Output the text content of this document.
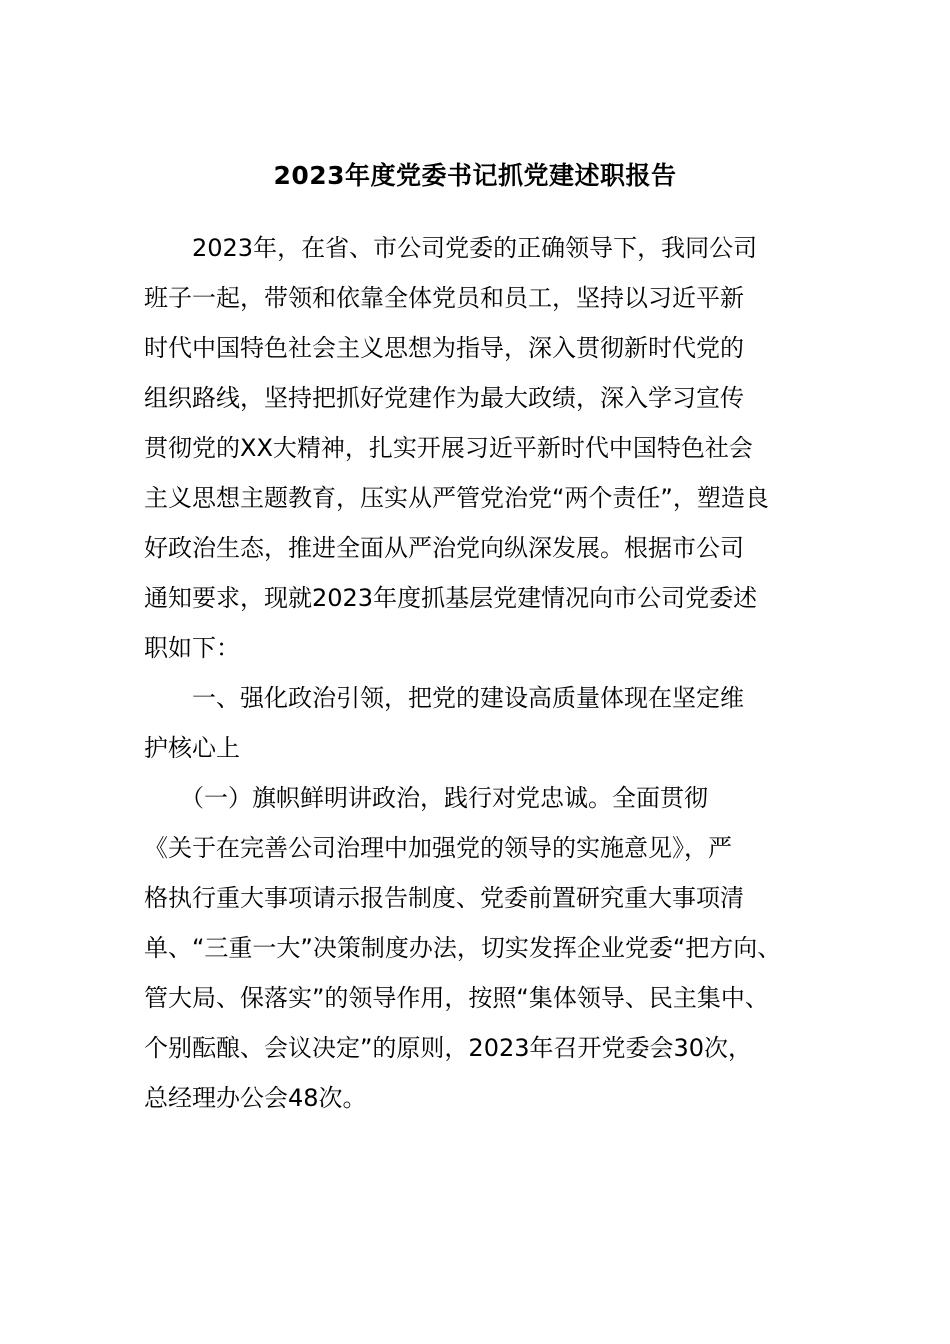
2023年度党委书记抓党建述职报告
　　2023年，在省、市公司党委的正确领导下，我同公司
班子一起，带领和依靠全体党员和员工，坚持以习近平新
时代中国特色社会主义思想为指导，深入贯彻新时代党的
组织路线，坚持把抓好党建作为最大政绩，深入学习宣传
贯彻党的XX大精神，扎实开展习近平新时代中国特色社会
主义思想主题教育，压实从严管党治党“两个责任”，塑造良
好政治生态，推进全面从严治党向纵深发展。根据市公司
通知要求，现就2023年度抓基层党建情况向市公司党委述
职如下：
　　一、强化政治引领，把党的建设高质量体现在坚定维
护核心上
　　（一）旗帜鲜明讲政治，践行对党忠诚。全面贯彻
《关于在完善公司治理中加强党的领导的实施意见》，严
格执行重大事项请示报告制度、党委前置研究重大事项清
单、“三重一大”决策制度办法，切实发挥企业党委“把方向、
管大局、保落实”的领导作用，按照“集体领导、民主集中、
个别酝酿、会议决定”的原则，2023年召开党委会30次，
总经理办公会48次。
